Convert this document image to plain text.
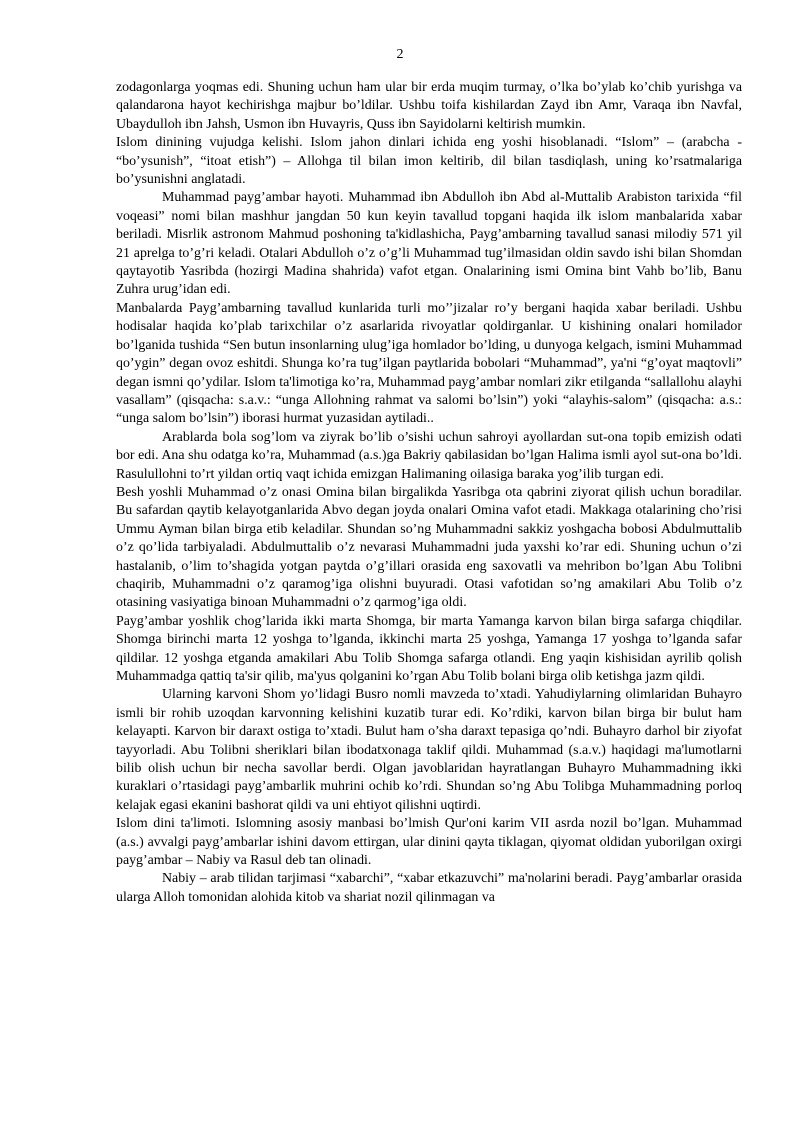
2

zodagonlarga yoqmas edi. Shuning uchun ham ular bir erda muqim turmay, o’lka bo’ylab ko’chib yurishga va qalandarona hayot kechirishga majbur bo’ldilar. Ushbu toifa kishilardan Zayd ibn Amr, Varaqa ibn Navfal, Ubaydulloh ibn Jahsh, Usmon ibn Huvayris, Quss ibn Sayidolarni keltirish mumkin.

Islom dinining vujudga kelishi. Islom jahon dinlari ichida eng yoshi hisoblanadi. “Islom” – (arabcha - “bo’ysunish”, “itoat etish”) – Allohga til bilan imon keltirib, dil bilan tasdiqlash, uning ko’rsatmalariga bo’ysunishni anglatadi.

Muhammad payg’ambar hayoti. Muhammad ibn Abdulloh ibn Abd al-Muttalib Arabiston tarixida “fil voqeasi” nomi bilan mashhur jangdan 50 kun keyin tavallud topgani haqida ilk islom manbalarida xabar beriladi. Misrlik astronom Mahmud poshoning ta'kidlashicha, Payg’ambarning tavallud sanasi milodiy 571 yil 21 aprelga to’g’ri keladi. Otalari Abdulloh o’z o’g’li Muhammad tug’ilmasidan oldin savdo ishi bilan Shomdan qaytayotib Yasribda (hozirgi Madina shahrida) vafot etgan. Onalarining ismi Omina bint Vahb bo’lib, Banu Zuhra urug’idan edi.

Manbalarda Payg’ambarning tavallud kunlarida turli mo’’jizalar ro’y bergani haqida xabar beriladi. Ushbu hodisalar haqida ko’plab tarixchilar o’z asarlarida rivoyatlar qoldirganlar. U kishining onalari homilador bo’lganida tushida “Sen butun insonlarning ulug’iga homlador bo’lding, u dunyoga kelgach, ismini Muhammad qo’ygin” degan ovoz eshitdi. Shunga ko’ra tug’ilgan paytlarida bobolari “Muhammad”, ya'ni “g’oyat maqtovli” degan ismni qo’ydilar. Islom ta'limotiga ko’ra, Muhammad payg’ambar nomlari zikr etilganda “sallallohu alayhi vasallam” (qisqacha: s.a.v.: “unga Allohning rahmat va salomi bo’lsin”) yoki “alayhis-salom” (qisqacha: a.s.: “unga salom bo’lsin”) iborasi hurmat yuzasidan aytiladi..

Arablarda bola sog’lom va ziyrak bo’lib o’sishi uchun sahroyi ayollardan sut-ona topib emizish odati bor edi. Ana shu odatga ko’ra, Muhammad (a.s.)ga Bakriy qabilasidan bo’lgan Halima ismli ayol sut-ona bo’ldi. Rasulullohni to’rt yildan ortiq vaqt ichida emizgan Halimaning oilasiga baraka yog’ilib turgan edi.

Besh yoshli Muhammad o’z onasi Omina bilan birgalikda Yasribga ota qabrini ziyorat qilish uchun boradilar. Bu safardan qaytib kelayotganlarida Abvo degan joyda onalari Omina vafot etadi. Makkaga otalarining cho’risi Ummu Ayman bilan birga etib keladilar. Shundan so’ng Muhammadni sakkiz yoshgacha bobosi Abdulmuttalib o’z qo’lida tarbiyaladi. Abdulmuttalib o’z nevarasi Muhammadni juda yaxshi ko’rar edi. Shuning uchun o’zi hastalanib, o’lim to’shagida yotgan paytda o’g’illari orasida eng saxovatli va mehribon bo’lgan Abu Tolibni chaqirib, Muhammadni o’z qaramog’iga olishni buyuradi. Otasi vafotidan so’ng amakilari Abu Tolib o’z otasining vasiyatiga binoan Muhammadni o’z qarmog’iga oldi.

Payg’ambar yoshlik chog’larida ikki marta Shomga, bir marta Yamanga karvon bilan birga safarga chiqdilar. Shomga birinchi marta 12 yoshga to’lganda, ikkinchi marta 25 yoshga, Yamanga 17 yoshga to’lganda safar qildilar. 12 yoshga etganda amakilari Abu Tolib Shomga safarga otlandi. Eng yaqin kishisidan ayrilib qolish Muhammadga qattiq ta'sir qilib, ma'yus qolganini ko’rgan Abu Tolib bolani birga olib ketishga jazm qildi.

Ularning karvoni Shom yo’lidagi Busro nomli mavzeda to’xtadi. Yahudiylarning olimlaridan Buhayro ismli bir rohib uzoqdan karvonning kelishini kuzatib turar edi. Ko’rdiki, karvon bilan birga bir bulut ham kelayapti. Karvon bir daraxt ostiga to’xtadi. Bulut ham o’sha daraxt tepasiga qo’ndi. Buhayro darhol bir ziyofat tayyorladi. Abu Tolibni sheriklari bilan ibodatxonaga taklif qildi. Muhammad (s.a.v.) haqidagi ma'lumotlarni bilib olish uchun bir necha savollar berdi. Olgan javoblaridan hayratlangan Buhayro Muhammadning ikki kuraklari o’rtasidagi payg’ambarlik muhrini ochib ko’rdi. Shundan so’ng Abu Tolibga Muhammadning porloq kelajak egasi ekanini bashorat qildi va uni ehtiyot qilishni uqtirdi.

Islom dini ta'limoti. Islomning asosiy manbasi bo’lmish Qur'oni karim VII asrda nozil bo’lgan. Muhammad (a.s.) avvalgi payg’ambarlar ishini davom ettirgan, ular dinini qayta tiklagan, qiyomat oldidan yuborilgan oxirgi payg’ambar – Nabiy va Rasul deb tan olinadi.

Nabiy – arab tilidan tarjimasi “xabarchi”, “xabar etkazuvchi” ma'nolarini beradi. Payg’ambarlar orasida ularga Alloh tomonidan alohida kitob va shariat nozil qilinmagan va
